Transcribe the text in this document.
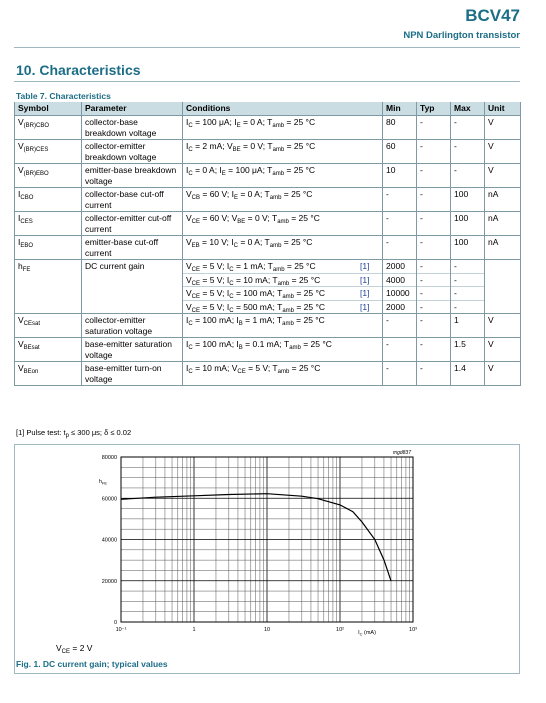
BCV47
NPN Darlington transistor
10. Characteristics
Table 7. Characteristics
Symbol	Parameter	Conditions		Min	Typ	Max	Unit
$V_{(BR)CBO}$	collector-base breakdown voltage	$I_C = 100$ μA; $I_E = 0$ A; $T_{amb} = 25$ °C		80	-	-	V
$V_{(BR)CES}$	collector-emitter breakdown voltage	$I_C = 2$ mA; $V_{BE} = 0$ V; $T_{amb} = 25$ °C		60	-	-	V
$V_{(BR)EBO}$	emitter-base breakdown voltage	$I_C = 0$ A; $I_E = 100$ μA; $T_{amb} = 25$ °C		10	-	-	V
$I_{CBO}$	collector-base cut-off current	$V_{CB} = 60$ V; $I_E = 0$ A; $T_{amb} = 25$ °C		-	-	100	nA
$I_{CES}$	collector-emitter cut-off current	$V_{CE} = 60$ V; $V_{BE} = 0$ V; $T_{amb} = 25$ °C		-	-	100	nA
$I_{EBO}$	emitter-base cut-off current	$V_{EB} = 10$ V; $I_C = 0$ A; $T_{amb} = 25$ °C		-	-	100	nA
$h_{FE}$	DC current gain	$V_{CE} = 5$ V; $I_C = 1$ mA; $T_{amb} = 25$ °C	[1]	2000	-	-	
		$V_{CE} = 5$ V; $I_C = 10$ mA; $T_{amb} = 25$ °C	[1]	4000	-	-	
		$V_{CE} = 5$ V; $I_C = 100$ mA; $T_{amb} = 25$ °C	[1]	10000	-	-	
		$V_{CE} = 5$ V; $I_C = 500$ mA; $T_{amb} = 25$ °C	[1]	2000	-	-	
$V_{CEsat}$	collector-emitter saturation voltage	$I_C = 100$ mA; $I_B = 1$ mA; $T_{amb} = 25$ °C		-	-	1	V
$V_{BEsat}$	base-emitter saturation voltage	$I_C = 100$ mA; $I_B = 0.1$ mA; $T_{amb} = 25$ °C		-	-	1.5	V
$V_{BEon}$	base-emitter turn-on voltage	$I_C = 10$ mA; $V_{CE} = 5$ V; $T_{amb} = 25$ °C		-	-	1.4	V
[1] Pulse test: $t_p \le 300$ μs; δ ≤ 0.02
0
20000
40000
60000
80000
10⁻¹	1	10	10²	10³
$h_{FE}$
$I_C$ (mA)
mgd837
$V_{CE} = 2$ V
Fig. 1. DC current gain; typical values
